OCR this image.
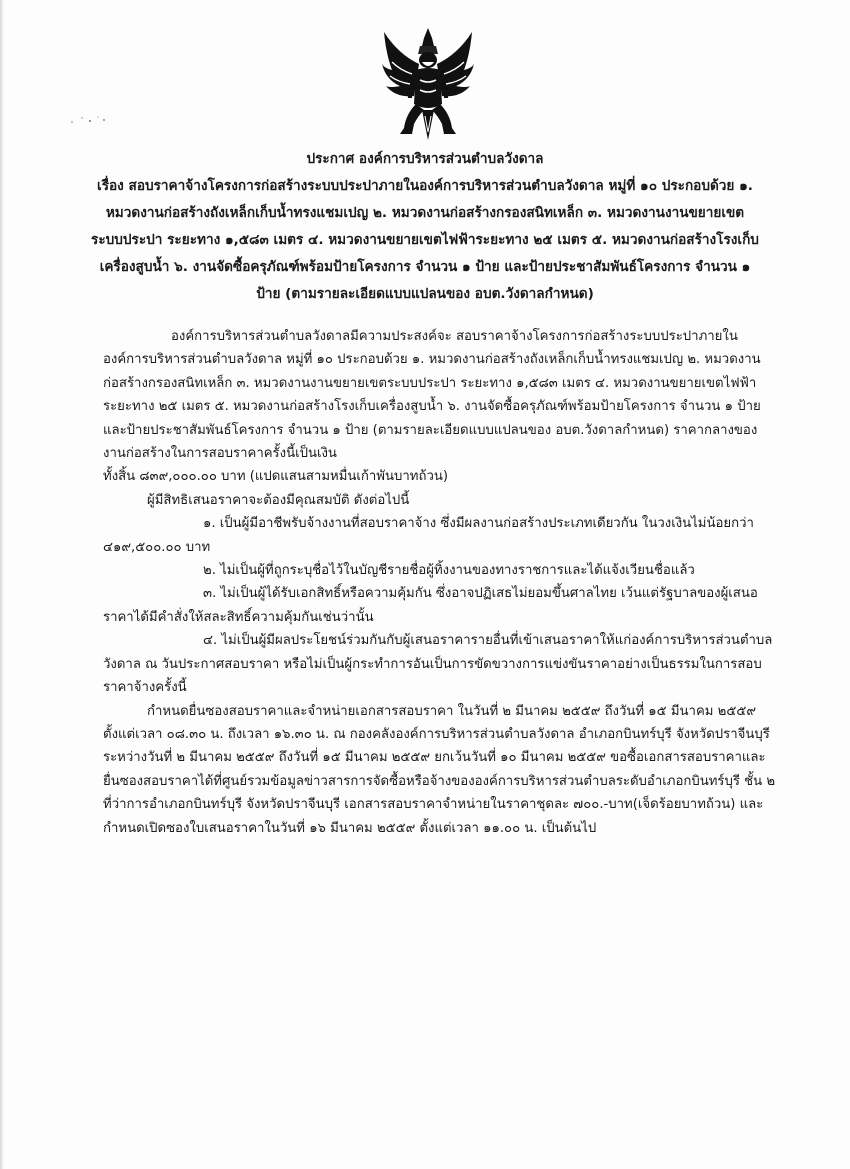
ประกาศ องค์การบริหารส่วนตำบลวังดาล
เรื่อง สอบราคาจ้างโครงการก่อสร้างระบบประปาภายในองค์การบริหารส่วนตำบลวังดาล หมู่ที่ ๑๐ ประกอบด้วย ๑. หมวดงานก่อสร้างถังเหล็กเก็บน้ำทรงแชมเปญ ๒. หมวดงานก่อสร้างกรองสนิทเหล็ก ๓. หมวดงานงานขยายเขตระบบประปา ระยะทาง ๑,๕๘๓ เมตร ๔. หมวดงานขยายเขตไฟฟ้าระยะทาง ๒๕ เมตร ๕. หมวดงานก่อสร้างโรงเก็บเครื่องสูบน้ำ ๖. งานจัดซื้อครุภัณฑ์พร้อมป้ายโครงการ จำนวน ๑ ป้าย และป้ายประชาสัมพันธ์โครงการ จำนวน ๑ ป้าย (ตามรายละเอียดแบบแปลนของ อบต.วังดาลกำหนด)

องค์การบริหารส่วนตำบลวังดาลมีความประสงค์จะ สอบราคาจ้างโครงการก่อสร้างระบบประปาภายในองค์การบริหารส่วนตำบลวังดาล หมู่ที่ ๑๐ ประกอบด้วย ๑. หมวดงานก่อสร้างถังเหล็กเก็บน้ำทรงแชมเปญ ๒. หมวดงานก่อสร้างกรองสนิทเหล็ก ๓. หมวดงานงานขยายเขตระบบประปา ระยะทาง ๑,๕๘๓ เมตร ๔. หมวดงานขยายเขตไฟฟ้าระยะทาง ๒๕ เมตร ๕. หมวดงานก่อสร้างโรงเก็บเครื่องสูบน้ำ ๖. งานจัดซื้อครุภัณฑ์พร้อมป้ายโครงการ จำนวน ๑ ป้ายและป้ายประชาสัมพันธ์โครงการ จำนวน ๑ ป้าย (ตามรายละเอียดแบบแปลนของ อบต.วังดาลกำหนด) ราคากลางของงานก่อสร้างในการสอบราคาครั้งนี้เป็นเงิน

ทั้งสิ้น ๘๓๙,๐๐๐.๐๐ บาท (แปดแสนสามหมื่นเก้าพันบาทถ้วน)

ผู้มีสิทธิเสนอราคาจะต้องมีคุณสมบัติ ดังต่อไปนี้

๑. เป็นผู้มีอาชีพรับจ้างงานที่สอบราคาจ้าง ซึ่งมีผลงานก่อสร้างประเภทเดียวกัน ในวงเงินไม่น้อยกว่า ๔๑๙,๕๐๐.๐๐ บาท

๒. ไม่เป็นผู้ที่ถูกระบุชื่อไว้ในบัญชีรายชื่อผู้ทิ้งงานของทางราชการและได้แจ้งเวียนชื่อแล้ว

๓. ไม่เป็นผู้ได้รับเอกสิทธิ์หรือความคุ้มกัน ซึ่งอาจปฏิเสธไม่ยอมขึ้นศาลไทย เว้นแต่รัฐบาลของผู้เสนอราคาได้มีคำสั่งให้สละสิทธิ์ความคุ้มกันเช่นว่านั้น

๔. ไม่เป็นผู้มีผลประโยชน์ร่วมกันกับผู้เสนอราคารายอื่นที่เข้าเสนอราคาให้แก่องค์การบริหารส่วนตำบลวังดาล ณ วันประกาศสอบราคา หรือไม่เป็นผู้กระทำการอันเป็นการขัดขวางการแข่งขันราคาอย่างเป็นธรรมในการสอบราคาจ้างครั้งนี้

กำหนดยื่นซองสอบราคาและจำหน่ายเอกสารสอบราคา ในวันที่ ๒ มีนาคม ๒๕๕๙ ถึงวันที่ ๑๕ มีนาคม ๒๕๕๙ ตั้งแต่เวลา ๐๘.๓๐ น. ถึงเวลา ๑๖.๓๐ น. ณ กองคลังองค์การบริหารส่วนตำบลวังดาล อำเภอกบินทร์บุรี จังหวัดปราจีนบุรี ระหว่างวันที่ ๒ มีนาคม ๒๕๕๙ ถึงวันที่ ๑๕ มีนาคม ๒๕๕๙ ยกเว้นวันที่ ๑๐ มีนาคม ๒๕๕๙ ขอซื้อเอกสารสอบราคาและยื่นซองสอบราคาได้ที่ศูนย์รวมข้อมูลข่าวสารการจัดซื้อหรือจ้างขององค์การบริหารส่วนตำบลระดับอำเภอกบินทร์บุรี ชั้น ๒ ที่ว่าการอำเภอกบินทร์บุรี จังหวัดปราจีนบุรี เอกสารสอบราคาจำหน่ายในราคาชุดละ ๗๐๐.-บาท(เจ็ดร้อยบาทถ้วน) และกำหนดเปิดซองใบเสนอราคาในวันที่ ๑๖ มีนาคม ๒๕๕๙ ตั้งแต่เวลา ๑๑.๐๐ น. เป็นต้นไป
